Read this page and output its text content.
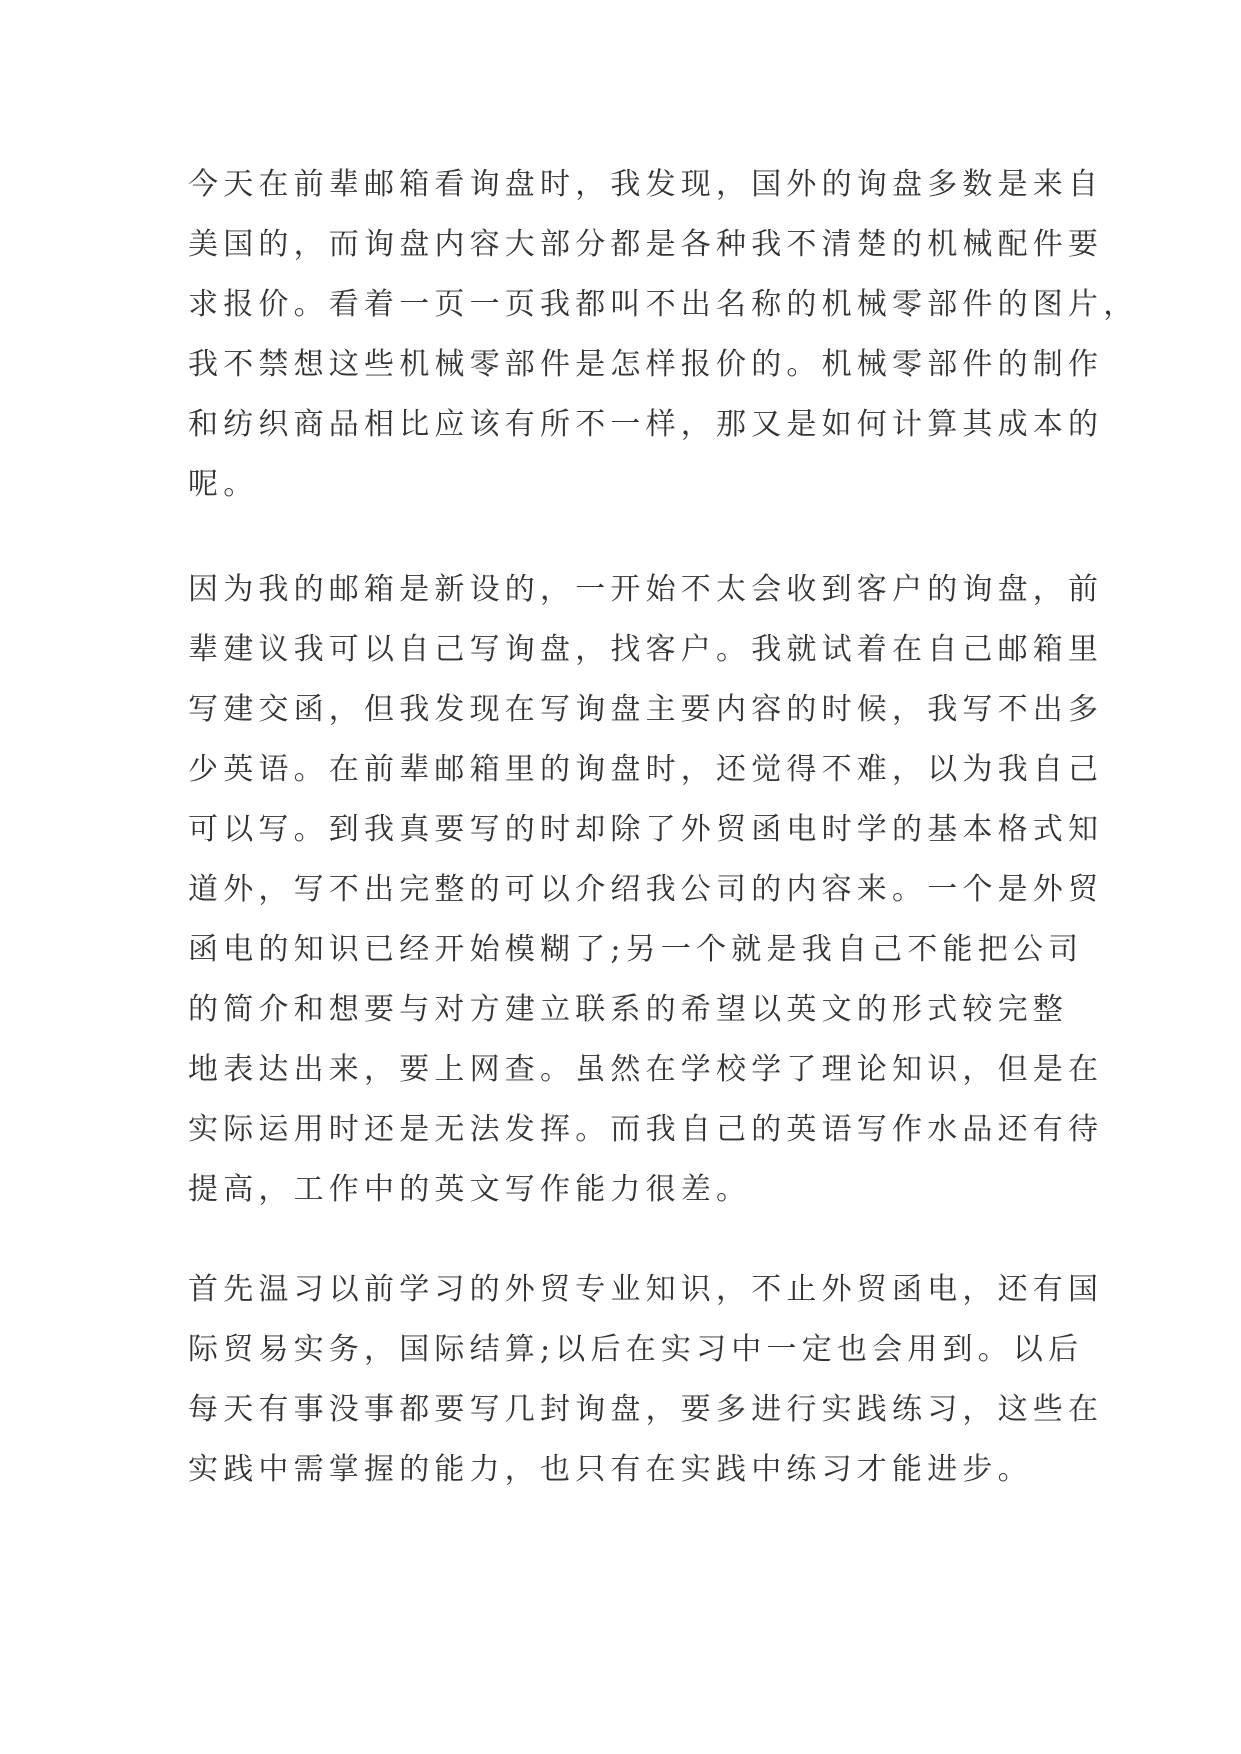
今天在前辈邮箱看询盘时，我发现，国外的询盘多数是来自
美国的，而询盘内容大部分都是各种我不清楚的机械配件要
求报价。看着一页一页我都叫不出名称的机械零部件的图片，
我不禁想这些机械零部件是怎样报价的。机械零部件的制作
和纺织商品相比应该有所不一样，那又是如何计算其成本的
呢。
因为我的邮箱是新设的，一开始不太会收到客户的询盘，前
辈建议我可以自己写询盘，找客户。我就试着在自己邮箱里
写建交函，但我发现在写询盘主要内容的时候，我写不出多
少英语。在前辈邮箱里的询盘时，还觉得不难，以为我自己
可以写。到我真要写的时却除了外贸函电时学的基本格式知
道外，写不出完整的可以介绍我公司的内容来。一个是外贸
函电的知识已经开始模糊了;另一个就是我自己不能把公司
的简介和想要与对方建立联系的希望以英文的形式较完整
地表达出来，要上网查。虽然在学校学了理论知识，但是在
实际运用时还是无法发挥。而我自己的英语写作水品还有待
提高，工作中的英文写作能力很差。
首先温习以前学习的外贸专业知识，不止外贸函电，还有国
际贸易实务，国际结算;以后在实习中一定也会用到。以后
每天有事没事都要写几封询盘，要多进行实践练习，这些在
实践中需掌握的能力，也只有在实践中练习才能进步。
